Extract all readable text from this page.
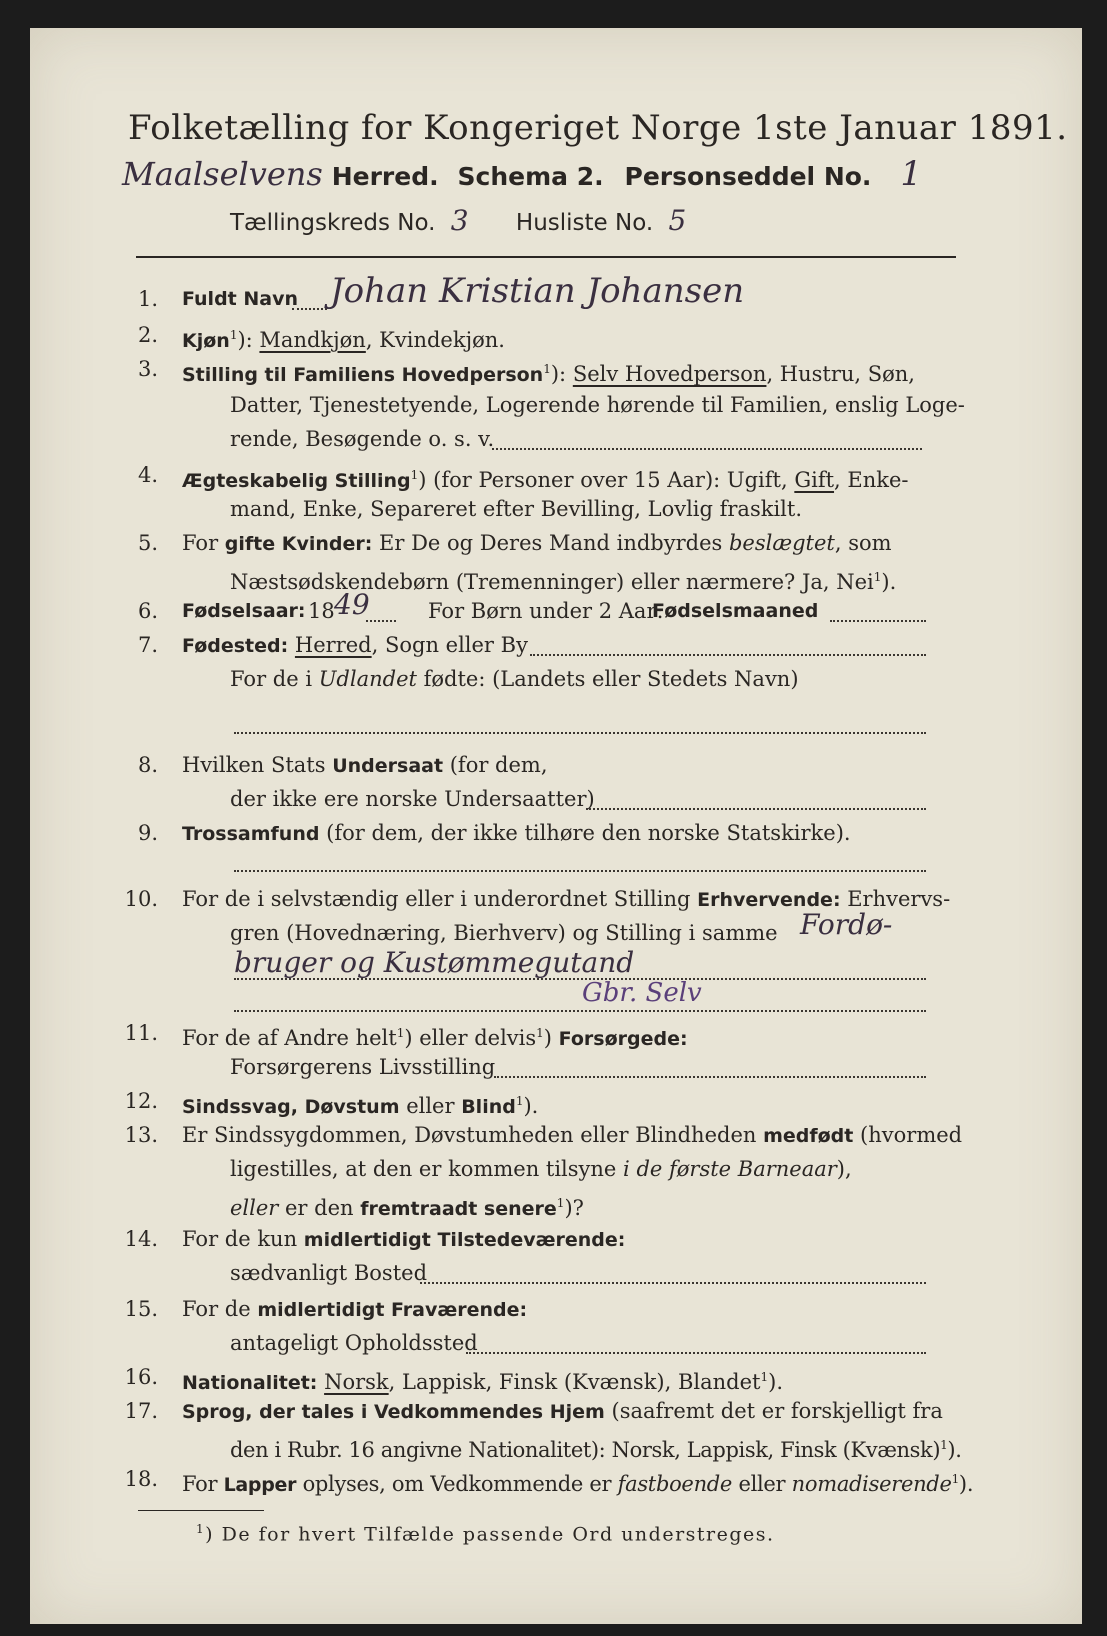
Folketælling for Kongeriget Norge 1ste Januar 1891.
Maalselvens Herred. Schema 2. Personseddel No. 1
Tællingskreds No. 3 Husliste No. 5
1. Fuldt Navn Johan Kristian Johansen
2. Kjøn$^1$): Mandkjøn, Kvindekjøn.
3. Stilling til Familiens Hovedperson$^1$): Selv Hovedperson, Hustru, Søn,
Datter, Tjenestetyende, Logerende hørende til Familien, enslig Loge-
rende, Besøgende o. s. v.
4. Ægteskabelig Stilling$^1$) (for Personer over 15 Aar): Ugift, Gift, Enke-
mand, Enke, Separeret efter Bevilling, Lovlig fraskilt.
5. For gifte Kvinder: Er De og Deres Mand indbyrdes beslægtet, som
Næstsødskendebørn (Tremenninger) eller nærmere? Ja, Nei$^1$).
6. Fødselsaar: 18 49	For Børn under 2 Aar:
Fødselsmaaned
7. Fødested: Herred, Sogn eller By
For de i Udlandet fødte: (Landets eller Stedets Navn)
8. Hvilken Stats Undersaat (for dem,
der ikke ere norske Undersaatter)
9. Trossamfund (for dem, der ikke tilhøre den norske Statskirke).
10. For de i selvstændig eller i underordnet Stilling Erhvervende: Erhvervs-
gren (Hovednæring, Bierhverv) og Stilling i samme Fordø-
bruger og Kustømmegutand
Gbr. Selv
11. For de af Andre helt$^1$) eller delvis$^1$) Forsørgede:
Forsørgerens Livsstilling
12. Sindssvag, Døvstum eller Blind$^1$).
13. Er Sindssygdommen, Døvstumheden eller Blindheden medfødt (hvormed
ligestilles, at den er kommen tilsyne i de første Barneaar),
eller er den fremtraadt senere$^1$)?
14. For de kun midlertidigt Tilstedeværende:
sædvanligt Bosted
15. For de midlertidigt Fraværende:
antageligt Opholdssted
16. Nationalitet: Norsk, Lappisk, Finsk (Kvænsk), Blandet$^1$).
17. Sprog, der tales i Vedkommendes Hjem (saafremt det er forskjelligt fra
den i Rubr. 16 angivne Nationalitet): Norsk, Lappisk, Finsk (Kvænsk)$^1$).
18. For Lapper oplyses, om Vedkommende er fastboende eller nomadiserende$^1$).
$^1$) De for hvert Tilfælde passende Ord understreges.
